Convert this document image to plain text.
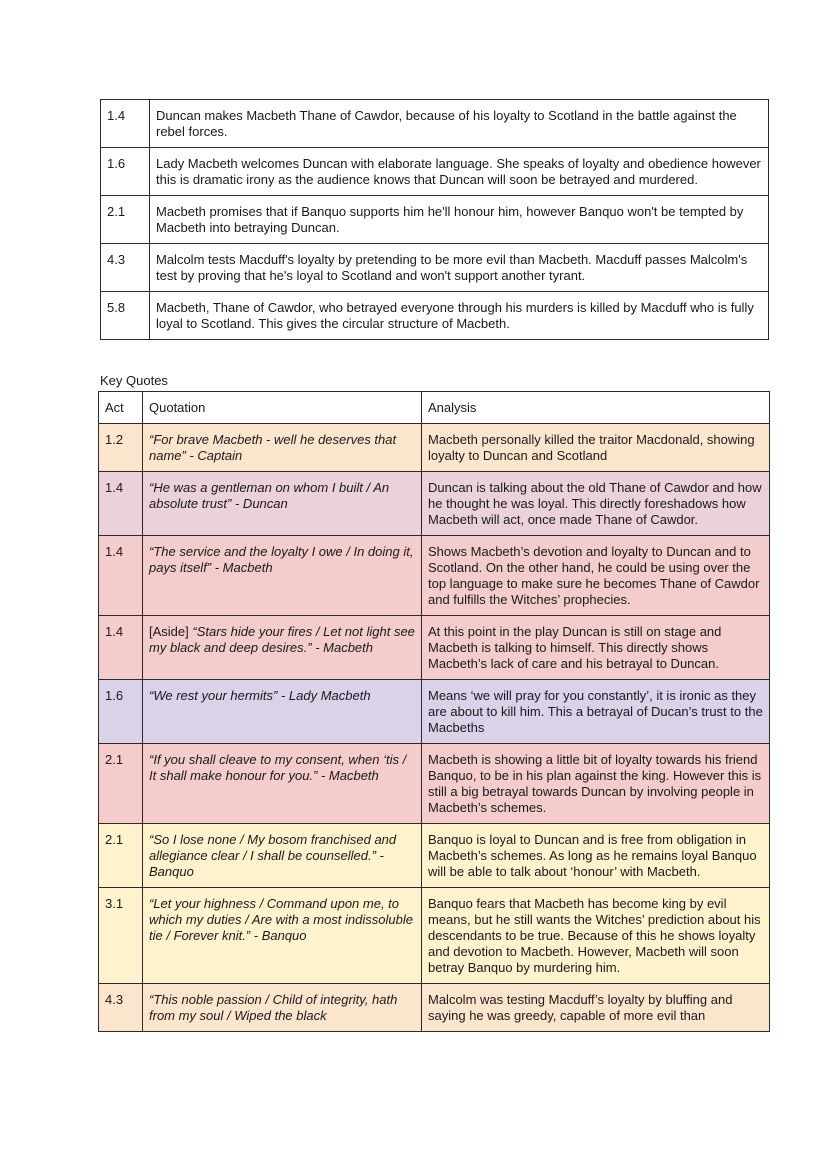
1.4	Duncan makes Macbeth Thane of Cawdor, because of his loyalty to Scotland in the battle against the rebel forces.
1.6	Lady Macbeth welcomes Duncan with elaborate language. She speaks of loyalty and obedience however this is dramatic irony as the audience knows that Duncan will soon be betrayed and murdered.
2.1	Macbeth promises that if Banquo supports him he'll honour him, however Banquo won't be tempted by Macbeth into betraying Duncan.
4.3	Malcolm tests Macduff's loyalty by pretending to be more evil than Macbeth. Macduff passes Malcolm's test by proving that he's loyal to Scotland and won't support another tyrant.
5.8	Macbeth, Thane of Cawdor, who betrayed everyone through his murders is killed by Macduff who is fully loyal to Scotland. This gives the circular structure of Macbeth.
Key Quotes
Act	Quotation	Analysis
1.2	“For brave Macbeth - well he deserves that name” - Captain	Macbeth personally killed the traitor Macdonald, showing loyalty to Duncan and Scotland
1.4	“He was a gentleman on whom I built / An absolute trust” - Duncan	Duncan is talking about the old Thane of Cawdor and how he thought he was loyal. This directly foreshadows how Macbeth will act, once made Thane of Cawdor.
1.4	“The service and the loyalty I owe / In doing it, pays itself” - Macbeth	Shows Macbeth’s devotion and loyalty to Duncan and to Scotland. On the other hand, he could be using over the top language to make sure he becomes Thane of Cawdor and fulfills the Witches’ prophecies.
1.4	[Aside] “Stars hide your fires / Let not light see my black and deep desires.” - Macbeth	At this point in the play Duncan is still on stage and Macbeth is talking to himself. This directly shows Macbeth’s lack of care and his betrayal to Duncan.
1.6	“We rest your hermits” - Lady Macbeth	Means ‘we will pray for you constantly’, it is ironic as they are about to kill him. This a betrayal of Ducan’s trust to the Macbeths
2.1	“If you shall cleave to my consent, when ‘tis / It shall make honour for you.” - Macbeth	Macbeth is showing a little bit of loyalty towards his friend Banquo, to be in his plan against the king. However this is still a big betrayal towards Duncan by involving people in Macbeth’s schemes.
2.1	“So I lose none / My bosom franchised and allegiance clear / I shall be counselled.” - Banquo	Banquo is loyal to Duncan and is free from obligation in Macbeth’s schemes. As long as he remains loyal Banquo will be able to talk about ‘honour’ with Macbeth.
3.1	“Let your highness / Command upon me, to which my duties / Are with a most indissoluble tie / Forever knit.” - Banquo	Banquo fears that Macbeth has become king by evil means, but he still wants the Witches’ prediction about his descendants to be true. Because of this he shows loyalty and devotion to Macbeth. However, Macbeth will soon betray Banquo by murdering him.
4.3	“This noble passion / Child of integrity, hath from my soul / Wiped the black	Malcolm was testing Macduff’s loyalty by bluffing and saying he was greedy, capable of more evil than
